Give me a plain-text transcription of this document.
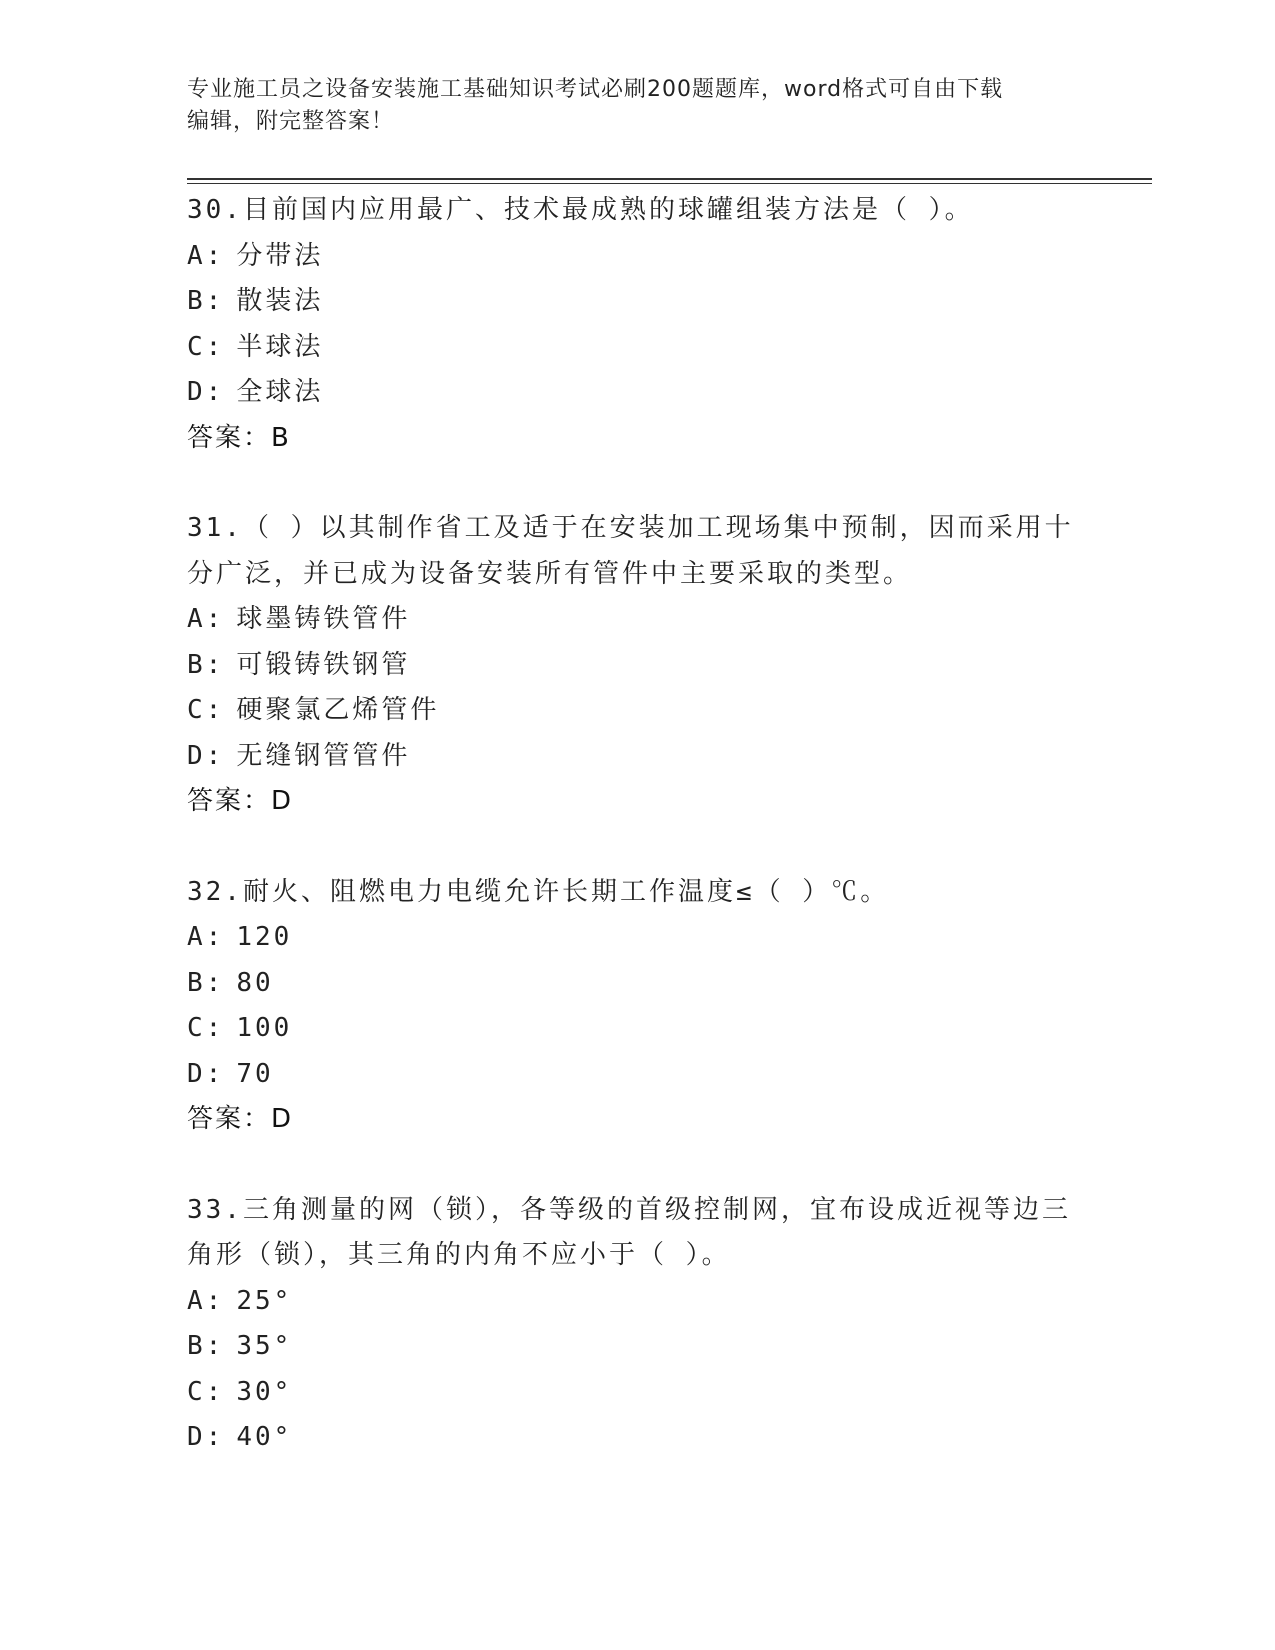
专业施工员之设备安装施工基础知识考试必刷200题题库，word格式可自由下载

编辑，附完整答案！

30.目前国内应用最广、技术最成熟的球罐组装方法是（ ）。

A: 分带法

B: 散装法

C: 半球法

D: 全球法

答案：B

31.（ ）以其制作省工及适于在安装加工现场集中预制，因而采用十分广泛，并已成为设备安装所有管件中主要采取的类型。

A: 球墨铸铁管件

B: 可锻铸铁钢管

C: 硬聚氯乙烯管件

D: 无缝钢管管件

答案：D

32.耐火、阻燃电力电缆允许长期工作温度≤（ ）℃。

A: 120

B: 80

C: 100

D: 70

答案：D

33.三角测量的网（锁），各等级的首级控制网，宜布设成近视等边三角形（锁），其三角的内角不应小于（ ）。

A: 25°

B: 35°

C: 30°

D: 40°
